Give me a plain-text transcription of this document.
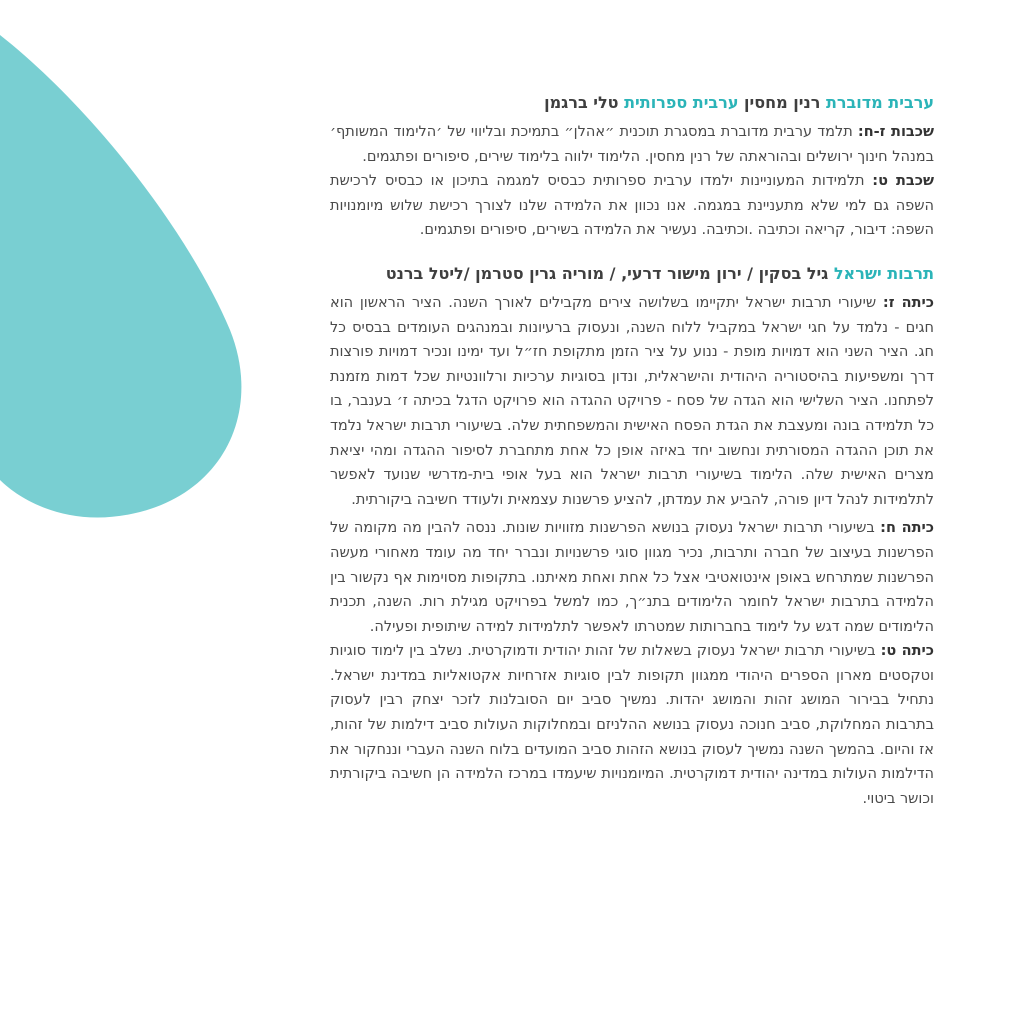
ערבית מדוברת רנין מחסין ערבית ספרותית טלי ברגמן

שכבות ז-ח: תלמד ערבית מדוברת במסגרת תוכנית ״אהלן״ בתמיכת ובליווי של ׳הלימוד המשותף׳ במנהל חינוך ירושלים ובהוראתה של רנין מחסין. הלימוד ילווה בלימוד שירים, סיפורים ופתגמים.

שכבת ט: תלמידות המעוניינות ילמדו ערבית ספרותית כבסיס למגמה בתיכון או כבסיס לרכישת השפה גם למי שלא מתעניינת במגמה. אנו נכוון את הלמידה שלנו לצורך רכישת שלוש מיומנויות השפה: דיבור, קריאה וכתיבה .וכתיבה. נעשיר את הלמידה בשירים, סיפורים ופתגמים.

תרבות ישראל גיל בסקין / ירון מישור דרעי, / מוריה גרין סטרמן /ליטל ברנט

כיתה ז: שיעורי תרבות ישראל יתקיימו בשלושה צירים מקבילים לאורך השנה. הציר הראשון הוא חגים - נלמד על חגי ישראל במקביל ללוח השנה, ונעסוק ברעיונות ובמנהגים העומדים בבסיס כל חג. הציר השני הוא דמויות מופת - ננוע על ציר הזמן מתקופת חז״ל ועד ימינו ונכיר דמויות פורצות דרך ומשפיעות בהיסטוריה היהודית והישראלית, ונדון בסוגיות ערכיות ורלוונטיות שכל דמות מזמנת לפתחנו. הציר השלישי הוא הגדה של פסח - פרויקט ההגדה הוא פרויקט הדגל בכיתה ז׳ בענבר, בו כל תלמידה בונה ומעצבת את הגדת הפסח האישית והמשפחתית שלה. בשיעורי תרבות ישראל נלמד את תוכן ההגדה המסורתית ונחשוב יחד באיזה אופן כל אחת מתחברת לסיפור ההגדה ומהי יציאת מצרים האישית שלה. הלימוד בשיעורי תרבות ישראל הוא בעל אופי בית-מדרשי שנועד לאפשר לתלמידות לנהל דיון פורה, להביע את עמדתן, להציע פרשנות עצמאית ולעודד חשיבה ביקורתית.

כיתה ח: בשיעורי תרבות ישראל נעסוק בנושא הפרשנות מזוויות שונות. ננסה להבין מה מקומה של הפרשנות בעיצוב של חברה ותרבות, נכיר מגוון סוגי פרשנויות ונברר יחד מה עומד מאחורי מעשה הפרשנות שמתרחש באופן אינטואטיבי אצל כל אחת ואחת מאיתנו. בתקופות מסוימות אף נקשור בין הלמידה בתרבות ישראל לחומר הלימודים בתנ״ך, כמו למשל בפרויקט מגילת רות. השנה, תכנית הלימודים שמה דגש על לימוד בחברותות שמטרתו לאפשר לתלמידות למידה שיתופית ופעילה.

כיתה ט: בשיעורי תרבות ישראל נעסוק בשאלות של זהות יהודית ודמוקרטית. נשלב בין לימוד סוגיות וטקסטים מארון הספרים היהודי ממגוון תקופות לבין סוגיות אזרחיות אקטואליות במדינת ישראל. נתחיל בבירור המושג זהות והמושג יהדות. נמשיך סביב יום הסובלנות לזכר יצחק רבין לעסוק בתרבות המחלוקת, סביב חנוכה נעסוק בנושא ההלניזם ובמחלוקות העולות סביב דילמות של זהות, אז והיום. בהמשך השנה נמשיך לעסוק בנושא הזהות סביב המועדים בלוח השנה העברי וננחקור את הדילמות העולות במדינה יהודית דמוקרטית. המיומנויות שיעמדו במרכז הלמידה הן חשיבה ביקורתית וכושר ביטוי.
